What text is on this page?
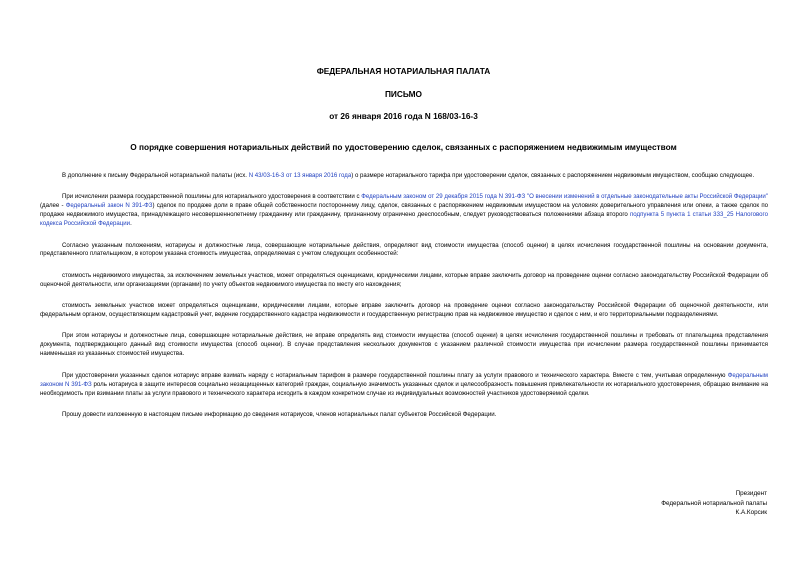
ФЕДЕРАЛЬНАЯ НОТАРИАЛЬНАЯ ПАЛАТА
ПИСЬМО
от 26 января 2016 года N 168/03-16-3
О порядке совершения нотариальных действий по удостоверению сделок, связанных с распоряжением недвижимым имуществом

В дополнение к письму Федеральной нотариальной палаты (исх. N 43/03-16-3 от 13 января 2016 года) о размере нотариального тарифа при удостоверении сделок, связанных с распоряжением недвижимым имуществом, сообщаю следующее.

При исчислении размера государственной пошлины для нотариального удостоверения в соответствии с Федеральным законом от 29 декабря 2015 года N 391-ФЗ "О внесении изменений в отдельные законодательные акты Российской Федерации" (далее - Федеральный закон N 391-ФЗ) сделок по продаже доли в праве общей собственности постороннему лицу, сделок, связанных с распоряжением недвижимым имуществом на условиях доверительного управления или опеки, а также сделок по продаже недвижимого имущества, принадлежащего несовершеннолетнему гражданину или гражданину, признанному ограничено дееспособным, следует руководствоваться положениями абзаца второго подпункта 5 пункта 1 статьи 333_25 Налогового кодекса Российской Федерации.

Согласно указанным положениям, нотариусы и должностные лица, совершающие нотариальные действия, определяют вид стоимости имущества (способ оценки) в целях исчисления государственной пошлины на основании документа, представленного плательщиком, в котором указана стоимость имущества, определяемая с учетом следующих особенностей:

стоимость недвижимого имущества, за исключением земельных участков, может определяться оценщиками, юридическими лицами, которые вправе заключить договор на проведение оценки согласно законодательству Российской Федерации об оценочной деятельности, или организациями (органами) по учету объектов недвижимого имущества по месту его нахождения;

стоимость земельных участков может определяться оценщиками, юридическими лицами, которые вправе заключить договор на проведение оценки согласно законодательству Российской Федерации об оценочной деятельности, или федеральным органом, осуществляющим кадастровый учет, ведение государственного кадастра недвижимости и государственную регистрацию прав на недвижимое имущество и сделок с ним, и его территориальными подразделениями.

При этом нотариусы и должностные лица, совершающие нотариальные действия, не вправе определять вид стоимости имущества (способ оценки) в целях исчисления государственной пошлины и требовать от плательщика представления документа, подтверждающего данный вид стоимости имущества (способ оценки). В случае представления нескольких документов с указанием различной стоимости имущества при исчислении размера государственной пошлины принимается наименьшая из указанных стоимостей имущества.

При удостоверении указанных сделок нотариус вправе взимать наряду с нотариальным тарифом в размере государственной пошлины плату за услуги правового и технического характера. Вместе с тем, учитывая определенную Федеральным законом N 391-ФЗ роль нотариуса в защите интересов социально незащищенных категорий граждан, социальную значимость указанных сделок и целесообразность повышения привлекательности их нотариального удостоверения, обращаю внимание на необходимость при взимании платы за услуги правового и технического характера исходить в каждом конкретном случае из индивидуальных возможностей участников удостоверяемой сделки.

Прошу довести изложенную в настоящем письме информацию до сведения нотариусов, членов нотариальных палат субъектов Российской Федерации.

Президент
Федеральной нотариальной палаты
К.А.Корсик
